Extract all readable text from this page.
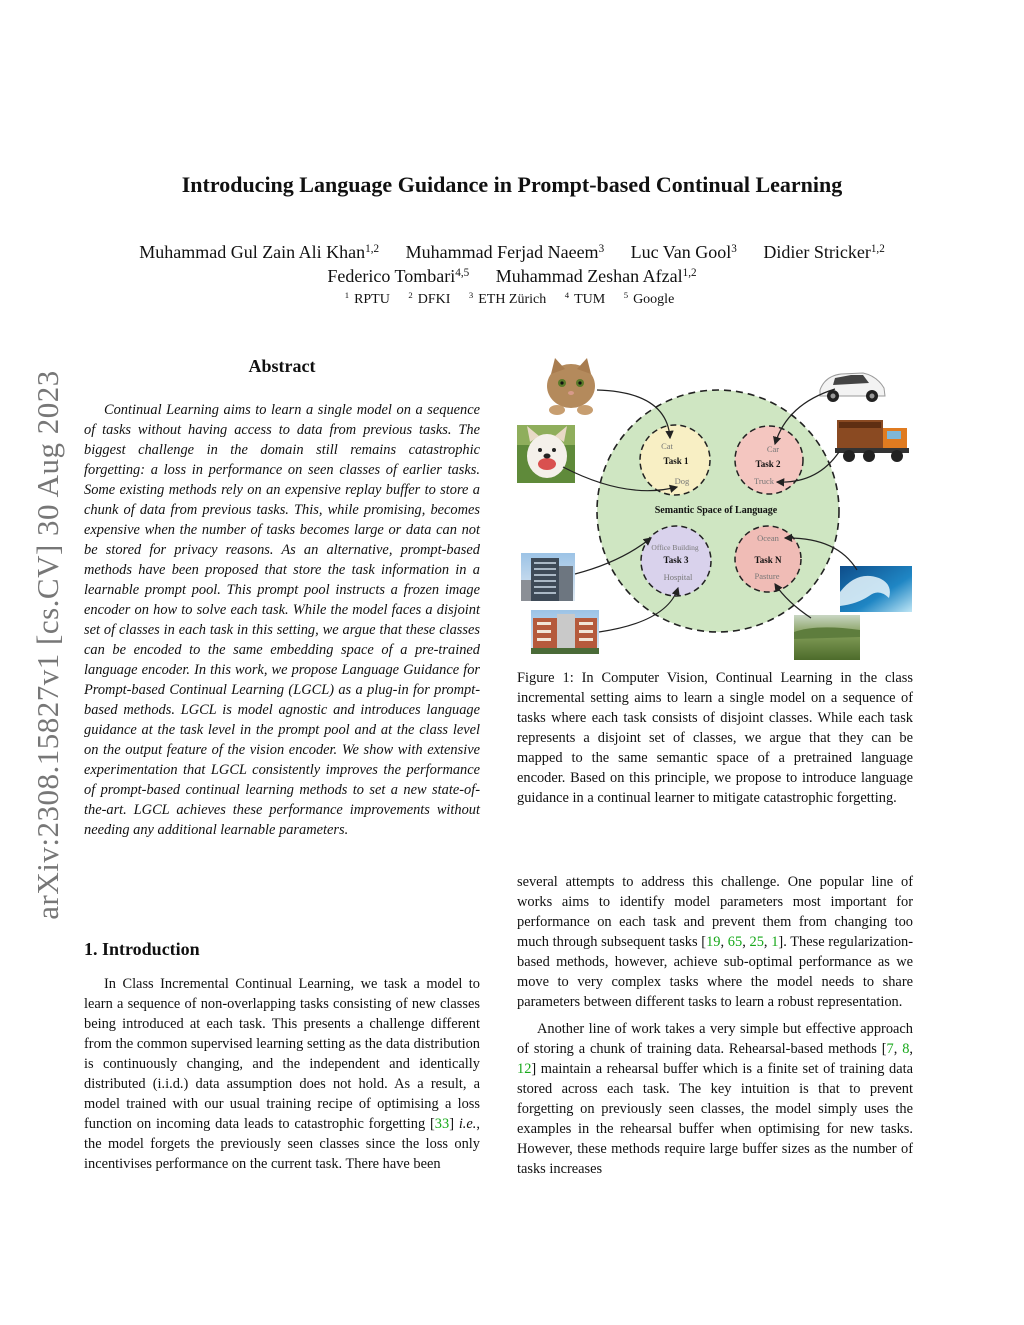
arXiv:2308.15827v1 [cs.CV] 30 Aug 2023
Introducing Language Guidance in Prompt-based Continual Learning
Muhammad Gul Zain Ali Khan$^{1,2}$ Muhammad Ferjad Naeem$^3$ Luc Van Gool$^3$ Didier Stricker$^{1,2}$
Federico Tombari$^{4,5}$ Muhammad Zeshan Afzal$^{1,2}$
$^1$ RPTU $^2$ DFKI $^3$ ETH Zürich $^4$ TUM $^5$ Google
Abstract

Continual Learning aims to learn a single model on a sequence of tasks without having access to data from previous tasks. The biggest challenge in the domain still remains catastrophic forgetting: a loss in performance on seen classes of earlier tasks. Some existing methods rely on an expensive replay buffer to store a chunk of data from previous tasks. This, while promising, becomes expensive when the number of tasks becomes large or data can not be stored for privacy reasons. As an alternative, prompt-based methods have been proposed that store the task information in a learnable prompt pool. This prompt pool instructs a frozen image encoder on how to solve each task. While the model faces a disjoint set of classes in each task in this setting, we argue that these classes can be encoded to the same embedding space of a pre-trained language encoder. In this work, we propose Language Guidance for Prompt-based Continual Learning (LGCL) as a plug-in for prompt-based methods. LGCL is model agnostic and introduces language guidance at the task level in the prompt pool and at the class level on the output feature of the vision encoder. We show with extensive experimentation that LGCL consistently improves the performance of prompt-based continual learning methods to set a new state-of-the-art. LGCL achieves these performance improvements without needing any additional learnable parameters.

1. Introduction

In Class Incremental Continual Learning, we task a model to learn a sequence of non-overlapping tasks consisting of new classes being introduced at each task. This presents a challenge different from the common supervised learning setting as the data distribution is continuously changing, and the independent and identically distributed (i.i.d.) data assumption does not hold. As a result, a model trained with our usual training recipe of optimising a loss function on incoming data leads to catastrophic forgetting [33] i.e., the model forgets the previously seen classes since the loss only incentivises performance on the current task. There have been

Semantic Space of Language
Cat
Task 1
Dog
Car
Task 2
Truck
Office Building
Task 3
Hospital
Ocean
Task N
Pasture

Figure 1: In Computer Vision, Continual Learning in the class incremental setting aims to learn a single model on a sequence of tasks where each task consists of disjoint classes. While each task represents a disjoint set of classes, we argue that they can be mapped to the same semantic space of a pretrained language encoder. Based on this principle, we propose to introduce language guidance in a continual learner to mitigate catastrophic forgetting.

several attempts to address this challenge. One popular line of works aims to identify model parameters most important for performance on each task and prevent them from changing too much through subsequent tasks [19, 65, 25, 1]. These regularization-based methods, however, achieve sub-optimal performance as we move to very complex tasks where the model needs to share parameters between different tasks to learn a robust representation.

Another line of work takes a very simple but effective approach of storing a chunk of training data. Rehearsal-based methods [7, 8, 12] maintain a rehearsal buffer which is a finite set of training data stored across each task. The key intuition is that to prevent forgetting on previously seen classes, the model simply uses the examples in the rehearsal buffer when optimising for new tasks. However, these methods require large buffer sizes as the number of tasks increases
